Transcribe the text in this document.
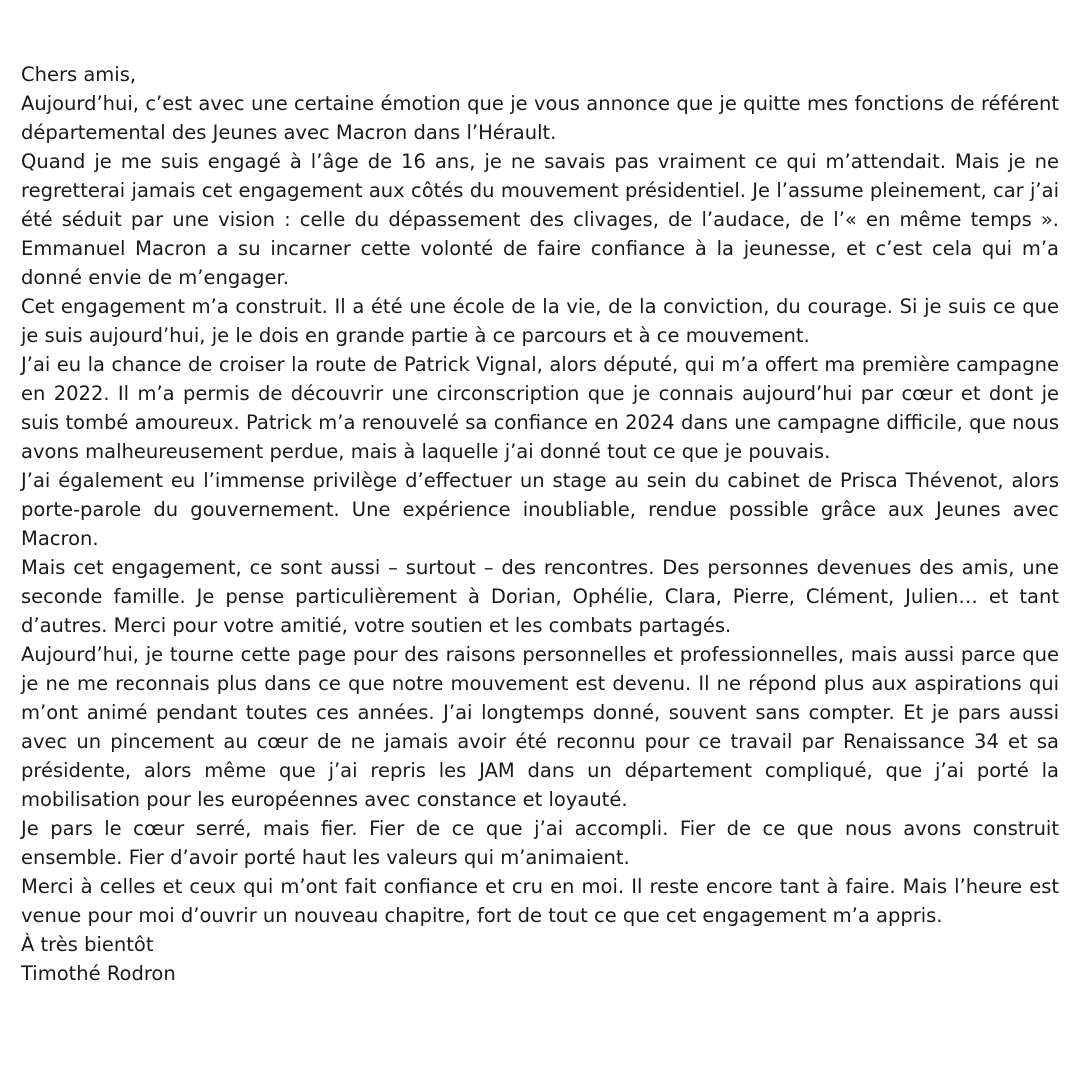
Chers amis,

Aujourd’hui, c’est avec une certaine émotion que je vous annonce que je quitte mes fonctions de référent départemental des Jeunes avec Macron dans l’Hérault.

Quand je me suis engagé à l’âge de 16 ans, je ne savais pas vraiment ce qui m’attendait. Mais je ne regretterai jamais cet engagement aux côtés du mouvement présidentiel. Je l’assume pleinement, car j’ai été séduit par une vision : celle du dépassement des clivages, de l’audace, de l’« en même temps ». Emmanuel Macron a su incarner cette volonté de faire confiance à la jeunesse, et c’est cela qui m’a donné envie de m’engager.

Cet engagement m’a construit. Il a été une école de la vie, de la conviction, du courage. Si je suis ce que je suis aujourd’hui, je le dois en grande partie à ce parcours et à ce mouvement.

J’ai eu la chance de croiser la route de Patrick Vignal, alors député, qui m’a offert ma première campagne en 2022. Il m’a permis de découvrir une circonscription que je connais aujourd’hui par cœur et dont je suis tombé amoureux. Patrick m’a renouvelé sa confiance en 2024 dans une campagne difficile, que nous avons malheureusement perdue, mais à laquelle j’ai donné tout ce que je pouvais.

J’ai également eu l’immense privilège d’effectuer un stage au sein du cabinet de Prisca Thévenot, alors porte-parole du gouvernement. Une expérience inoubliable, rendue possible grâce aux Jeunes avec Macron.

Mais cet engagement, ce sont aussi – surtout – des rencontres. Des personnes devenues des amis, une seconde famille. Je pense particulièrement à Dorian, Ophélie, Clara, Pierre, Clément, Julien… et tant d’autres. Merci pour votre amitié, votre soutien et les combats partagés.

Aujourd’hui, je tourne cette page pour des raisons personnelles et professionnelles, mais aussi parce que je ne me reconnais plus dans ce que notre mouvement est devenu. Il ne répond plus aux aspirations qui m’ont animé pendant toutes ces années. J’ai longtemps donné, souvent sans compter. Et je pars aussi avec un pincement au cœur de ne jamais avoir été reconnu pour ce travail par Renaissance 34 et sa présidente, alors même que j’ai repris les JAM dans un département compliqué, que j’ai porté la mobilisation pour les européennes avec constance et loyauté.

Je pars le cœur serré, mais fier. Fier de ce que j’ai accompli. Fier de ce que nous avons construit ensemble. Fier d’avoir porté haut les valeurs qui m’animaient.

Merci à celles et ceux qui m’ont fait confiance et cru en moi. Il reste encore tant à faire. Mais l’heure est venue pour moi d’ouvrir un nouveau chapitre, fort de tout ce que cet engagement m’a appris.

À très bientôt

Timothé Rodron
